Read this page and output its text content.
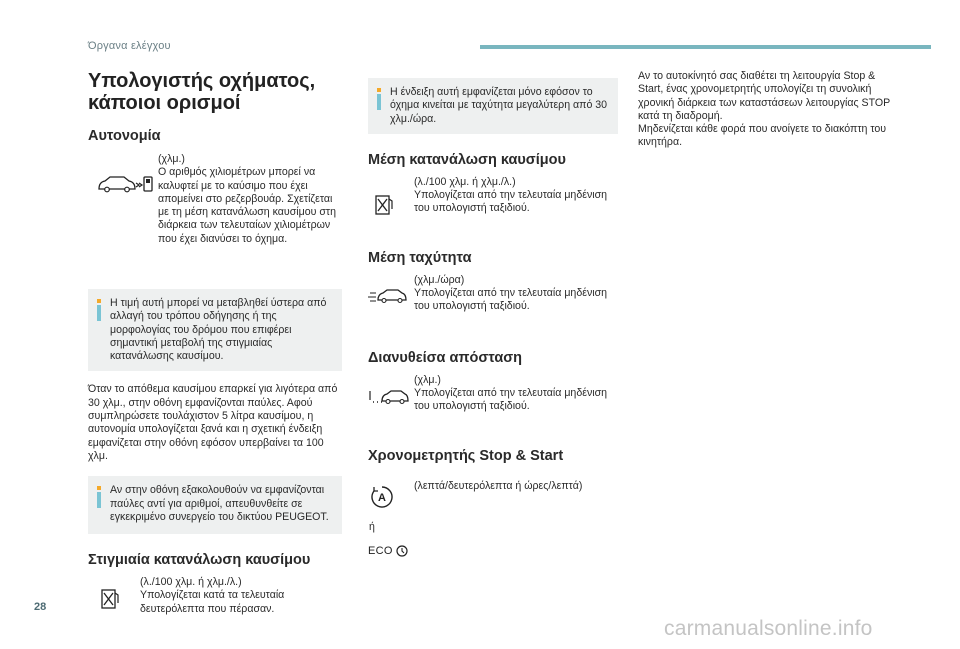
Όργανα ελέγχου
Υπολογιστής οχήματος, κάποιοι ορισμοί
Αυτονομία
(χλμ.)
Ο αριθμός χιλιομέτρων μπορεί να καλυφτεί με το καύσιμο που έχει απομείνει στο ρεζερβουάρ. Σχετίζεται με τη μέση κατανάλωση καυσίμου στη διάρκεια των τελευταίων χιλιομέτρων που έχει διανύσει το όχημα.
Η τιμή αυτή μπορεί να μεταβληθεί ύστερα από αλλαγή του τρόπου οδήγησης ή της μορφολογίας του δρόμου που επιφέρει σημαντική μεταβολή της στιγμιαίας κατανάλωσης καυσίμου.
Όταν το απόθεμα καυσίμου επαρκεί για λιγότερα από 30 χλμ., στην οθόνη εμφανίζονται παύλες. Αφού συμπληρώσετε τουλάχιστον 5 λίτρα καυσίμου, η αυτονομία υπολογίζεται ξανά και η σχετική ένδειξη εμφανίζεται στην οθόνη εφόσον υπερβαίνει τα 100 χλμ.
Αν στην οθόνη εξακολουθούν να εμφανίζονται παύλες αντί για αριθμοί, απευθυνθείτε σε εγκεκριμένο συνεργείο του δικτύου PEUGEOT.
Στιγμιαία κατανάλωση καυσίμου
(λ./100 χλμ. ή χλμ./λ.)
Υπολογίζεται κατά τα τελευταία δευτερόλεπτα που πέρασαν.
Η ένδειξη αυτή εμφανίζεται μόνο εφόσον το όχημα κινείται με ταχύτητα μεγαλύτερη από 30 χλμ./ώρα.
Μέση κατανάλωση καυσίμου
(λ./100 χλμ. ή χλμ./λ.)
Υπολογίζεται από την τελευταία μηδένιση του υπολογιστή ταξιδιού.
Μέση ταχύτητα
(χλμ./ώρα)
Υπολογίζεται από την τελευταία μηδένιση του υπολογιστή ταξιδιού.
Διανυθείσα απόσταση
(χλμ.)
Υπολογίζεται από την τελευταία μηδένιση του υπολογιστή ταξιδιού.
Χρονομετρητής Stop & Start
A
ή
ECO
(λεπτά/δευτερόλεπτα ή ώρες/λεπτά)
Αν το αυτοκίνητό σας διαθέτει τη λειτουργία Stop & Start, ένας χρονομετρητής υπολογίζει τη συνολική χρονική διάρκεια των καταστάσεων λειτουργίας STOP κατά τη διαδρομή.
Μηδενίζεται κάθε φορά που ανοίγετε το διακόπτη του κινητήρα.
28
carmanualsonline.info
